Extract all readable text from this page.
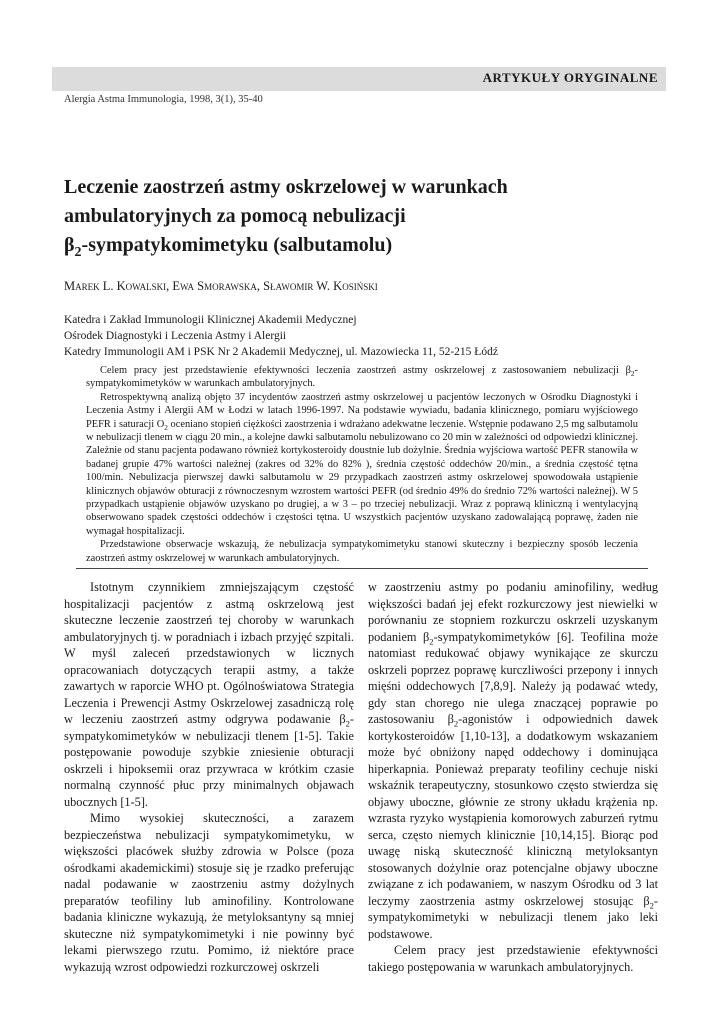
ARTYKUŁY ORYGINALNE
Alergia Astma Immunologia, 1998, 3(1), 35-40
Leczenie zaostrzeń astmy oskrzelowej w warunkach
ambulatoryjnych za pomocą nebulizacji
$\beta_2$-sympatykomimetyku (salbutamolu)
Marek L. Kowalski, Ewa Smorawska, Sławomir W. Kosiński
Katedra i Zakład Immunologii Klinicznej Akademii Medycznej
Ośrodek Diagnostyki i Leczenia Astmy i Alergii
Katedry Immunologii AM i PSK Nr 2 Akademii Medycznej, ul. Mazowiecka 11, 52-215 Łódź

Celem pracy jest przedstawienie efektywności leczenia zaostrzeń astmy oskrzelowej z zastosowaniem nebulizacji $\beta_2$-sympatykomimetyków w warunkach ambulatoryjnych.

Retrospektywną analizą objęto 37 incydentów zaostrzeń astmy oskrzelowej u pacjentów leczonych w Ośrodku Diagnostyki i Leczenia Astmy i Alergii AM w Łodzi w latach 1996-1997. Na podstawie wywiadu, badania klinicznego, pomiaru wyjściowego PEFR i saturacji $O_2$ oceniano stopień ciężkości zaostrzenia i wdrażano adekwatne leczenie. Wstępnie podawano 2,5 mg salbutamolu w nebulizacji tlenem w ciągu 20 min., a kolejne dawki salbutamolu nebulizowano co 20 min w zależności od odpowiedzi klinicznej. Zależnie od stanu pacjenta podawano również kortykosteroidy doustnie lub dożylnie. Średnia wyjściowa wartość PEFR stanowiła w badanej grupie 47% wartości należnej (zakres od 32% do 82% ), średnia częstość oddechów 20/min., a średnia częstość tętna 100/min. Nebulizacja pierwszej dawki salbutamolu w 29 przypadkach zaostrzeń astmy oskrzelowej spowodowała ustąpienie klinicznych objawów obturacji z równoczesnym wzrostem wartości PEFR (od średnio 49% do średnio 72% wartości należnej). W 5 przypadkach ustąpienie objawów uzyskano po drugiej, a w 3 – po trzeciej nebulizacji. Wraz z poprawą kliniczną i wentylacyjną obserwowano spadek częstości oddechów i częstości tętna. U wszystkich pacjentów uzyskano zadowalającą poprawę, żaden nie wymagał hospitalizacji.

Przedstawione obserwacje wskazują, że nebulizacja sympatykomimetyku stanowi skuteczny i bezpieczny sposób leczenia zaostrzeń astmy oskrzelowej w warunkach ambulatoryjnych.

Istotnym czynnikiem zmniejszającym częstość hospitalizacji pacjentów z astmą oskrzelową jest skuteczne leczenie zaostrzeń tej choroby w warunkach ambulatoryjnych tj. w poradniach i izbach przyjęć szpitali. W myśl zaleceń przedstawionych w licznych opracowaniach dotyczących terapii astmy, a także zawartych w raporcie WHO pt. Ogólnoświatowa Strategia Leczenia i Prewencji Astmy Oskrzelowej zasadniczą rolę w leczeniu zaostrzeń astmy odgrywa podawanie $\beta_2-$ sympatykomimetyków w nebulizacji tlenem [1-5]. Takie postępowanie powoduje szybkie zniesienie obturacji oskrzeli i hipoksemii oraz przywraca w krótkim czasie normalną czynność płuc przy minimalnych objawach ubocznych [1-5].

Mimo wysokiej skuteczności, a zarazem bezpieczeństwa nebulizacji sympatykomimetyku, w większości placówek służby zdrowia w Polsce (poza ośrodkami akademickimi) stosuje się je rzadko preferując nadal podawanie w zaostrzeniu astmy dożylnych preparatów teofiliny lub aminofiliny. Kontrolowane badania kliniczne wykazują, że metyloksantyny są mniej skuteczne niż sympatykomimetyki i nie powinny być lekami pierwszego rzutu. Pomimo, iż niektóre prace wykazują wzrost odpowiedzi rozkurczowej oskrzeli

w zaostrzeniu astmy po podaniu aminofiliny, według większości badań jej efekt rozkurczowy jest niewielki w porównaniu ze stopniem rozkurczu oskrzeli uzyskanym podaniem $\beta_2$-sympatykomimetyków [6]. Teofilina może natomiast redukować objawy wynikające ze skurczu oskrzeli poprzez poprawę kurczliwości przepony i innych mięśni oddechowych [7,8,9]. Należy ją podawać wtedy, gdy stan chorego nie ulega znaczącej poprawie po zastosowaniu $\beta_2$-agonistów i odpowiednich dawek kortykosteroidów [1,10-13], a dodatkowym wskazaniem może być obniżony napęd oddechowy i dominująca hiperkapnia. Ponieważ preparaty teofiliny cechuje niski wskaźnik terapeutyczny, stosunkowo często stwierdza się objawy uboczne, głównie ze strony układu krążenia np. wzrasta ryzyko wystąpienia komorowych zaburzeń rytmu serca, często niemych klinicznie [10,14,15]. Biorąc pod uwagę niską skuteczność kliniczną metyloksantyn stosowanych dożylnie oraz potencjalne objawy uboczne związane z ich podawaniem, w naszym Ośrodku od 3 lat leczymy zaostrzenia astmy oskrzelowej stosując $\beta_2$-sympatykomimetyki w nebulizacji tlenem jako leki podstawowe.

Celem pracy jest przedstawienie efektywności takiego postępowania w warunkach ambulatoryjnych.
